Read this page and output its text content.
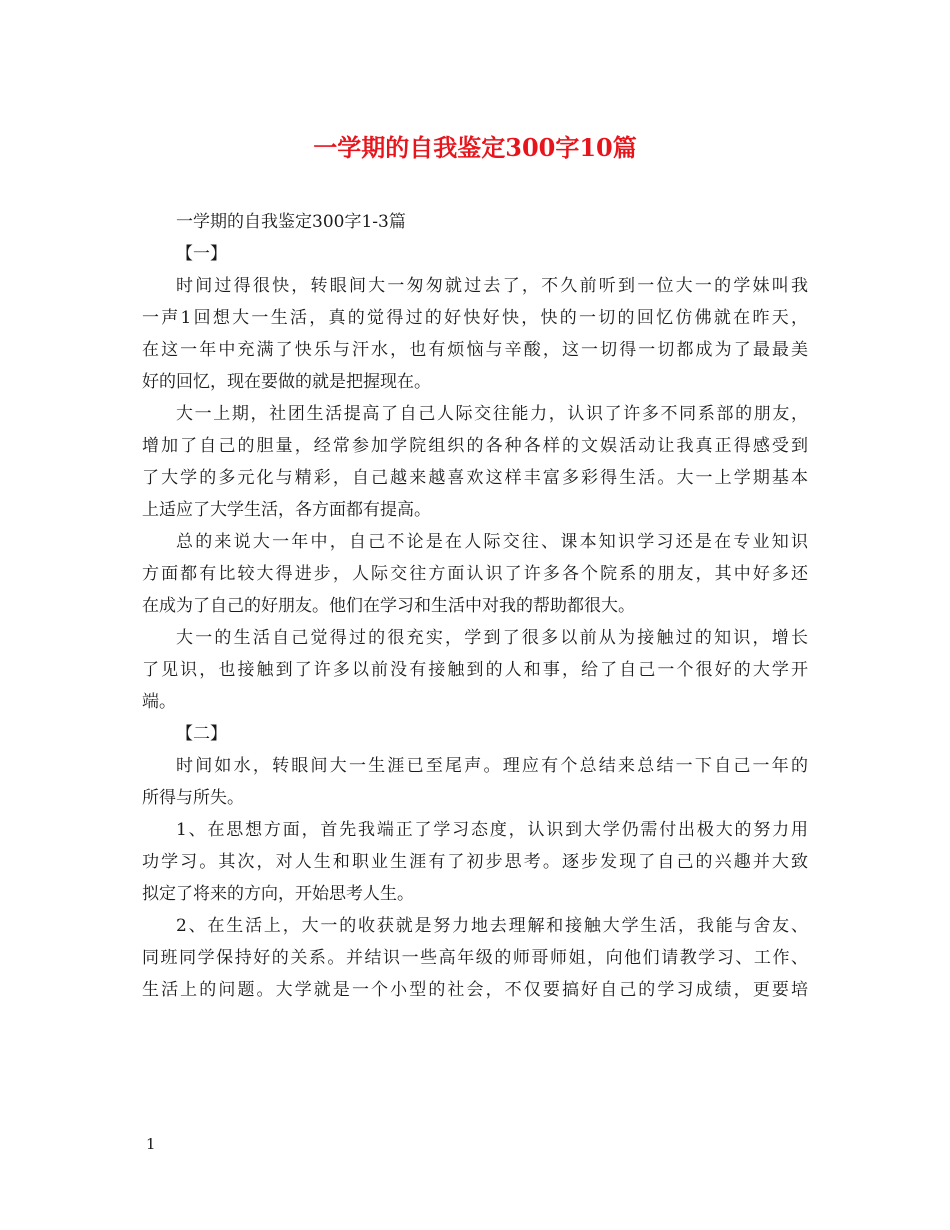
一学期的自我鉴定300字10篇

一学期的自我鉴定300字1-3篇

【一】

时间过得很快，转眼间大一匆匆就过去了，不久前听到一位大一的学妹叫我

一声1回想大一生活，真的觉得过的好快好快，快的一切的回忆仿佛就在昨天，

在这一年中充满了快乐与汗水，也有烦恼与辛酸，这一切得一切都成为了最最美

好的回忆，现在要做的就是把握现在。

大一上期，社团生活提高了自己人际交往能力，认识了许多不同系部的朋友，

增加了自己的胆量，经常参加学院组织的各种各样的文娱活动让我真正得感受到

了大学的多元化与精彩，自己越来越喜欢这样丰富多彩得生活。大一上学期基本

上适应了大学生活，各方面都有提高。

总的来说大一年中，自己不论是在人际交往、课本知识学习还是在专业知识

方面都有比较大得进步，人际交往方面认识了许多各个院系的朋友，其中好多还

在成为了自己的好朋友。他们在学习和生活中对我的帮助都很大。

大一的生活自己觉得过的很充实，学到了很多以前从为接触过的知识，增长

了见识，也接触到了许多以前没有接触到的人和事，给了自己一个很好的大学开

端。

【二】

时间如水，转眼间大一生涯已至尾声。理应有个总结来总结一下自己一年的

所得与所失。

1、在思想方面，首先我端正了学习态度，认识到大学仍需付出极大的努力用

功学习。其次，对人生和职业生涯有了初步思考。逐步发现了自己的兴趣并大致

拟定了将来的方向，开始思考人生。

2、在生活上，大一的收获就是努力地去理解和接触大学生活，我能与舍友、

同班同学保持好的关系。并结识一些高年级的师哥师姐，向他们请教学习、工作、

生活上的问题。大学就是一个小型的社会，不仅要搞好自己的学习成绩，更要培

1
